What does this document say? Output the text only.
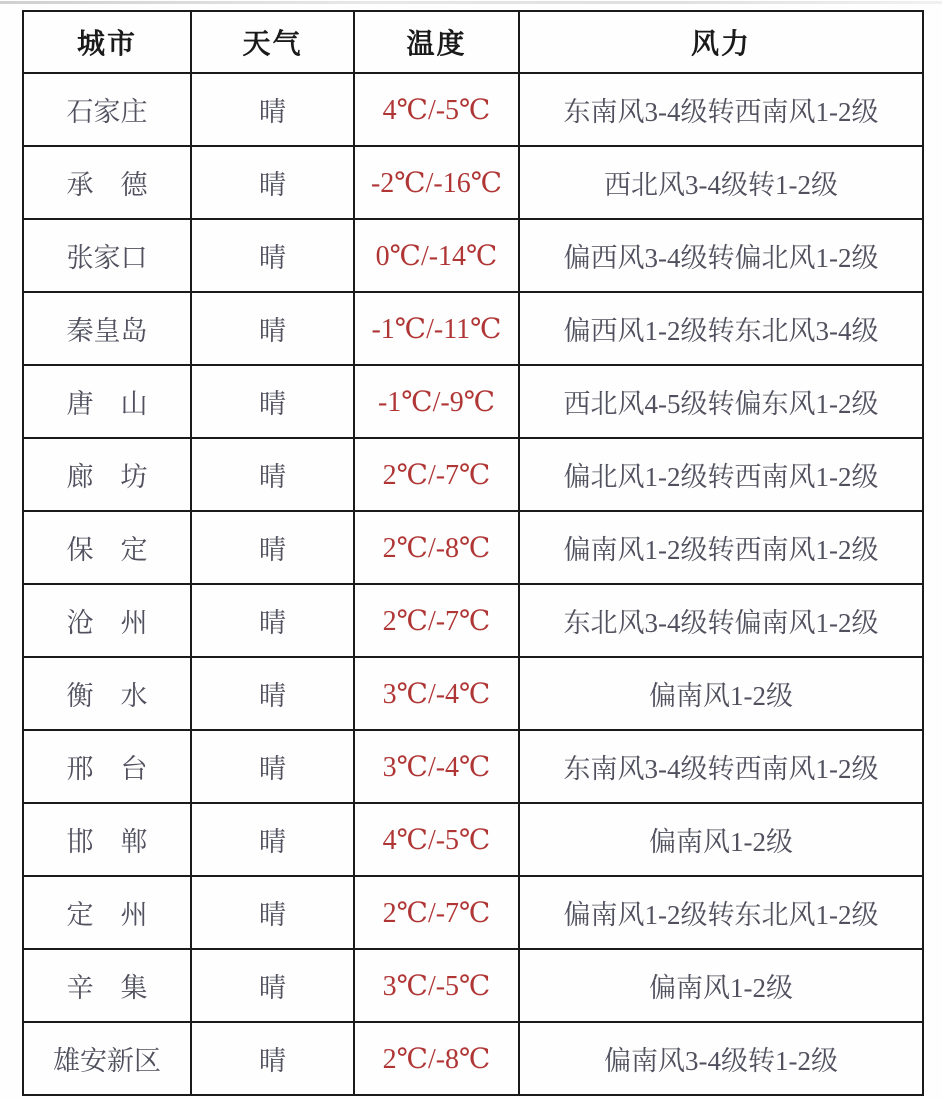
城市	天气	温度	风力
石家庄	晴	4℃/-5℃	东南风3-4级转西南风1-2级
承　德	晴	-2℃/-16℃	西北风3-4级转1-2级
张家口	晴	0℃/-14℃	偏西风3-4级转偏北风1-2级
秦皇岛	晴	-1℃/-11℃	偏西风1-2级转东北风3-4级
唐　山	晴	-1℃/-9℃	西北风4-5级转偏东风1-2级
廊　坊	晴	2℃/-7℃	偏北风1-2级转西南风1-2级
保　定	晴	2℃/-8℃	偏南风1-2级转西南风1-2级
沧　州	晴	2℃/-7℃	东北风3-4级转偏南风1-2级
衡　水	晴	3℃/-4℃	偏南风1-2级
邢　台	晴	3℃/-4℃	东南风3-4级转西南风1-2级
邯　郸	晴	4℃/-5℃	偏南风1-2级
定　州	晴	2℃/-7℃	偏南风1-2级转东北风1-2级
辛　集	晴	3℃/-5℃	偏南风1-2级
雄安新区	晴	2℃/-8℃	偏南风3-4级转1-2级
